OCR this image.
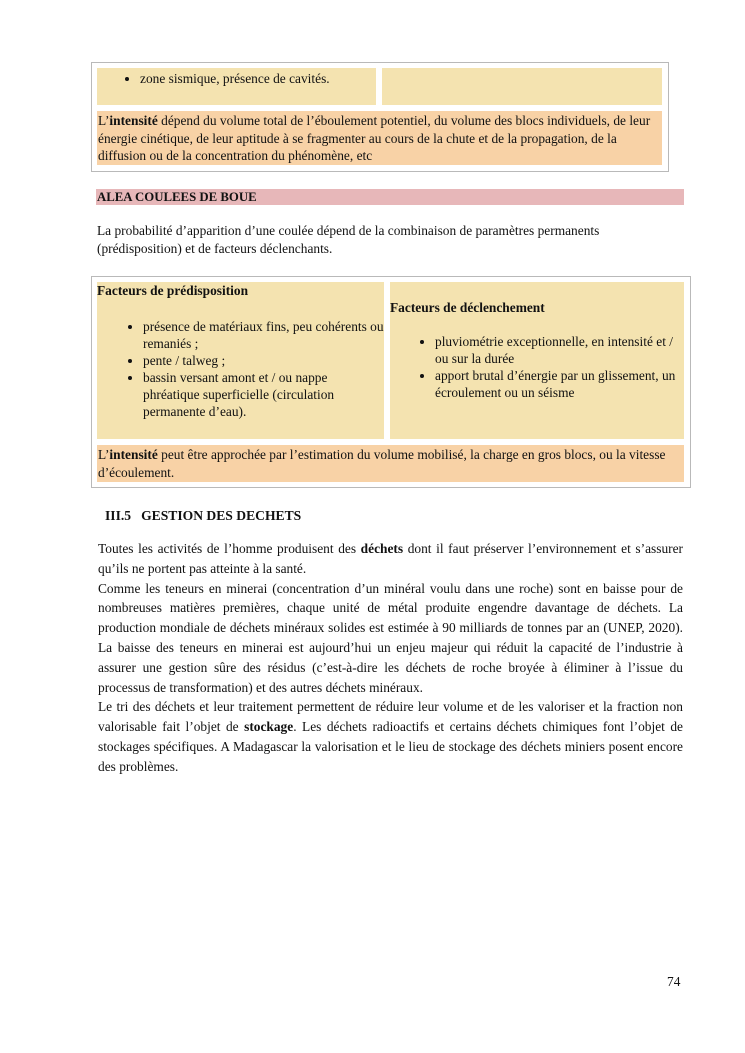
• zone sismique, présence de cavités.
L’intensité dépend du volume total de l’éboulement potentiel, du volume des blocs individuels, de leur énergie cinétique, de leur aptitude à se fragmenter au cours de la chute et de la propagation, de la diffusion ou de la concentration du phénomène, etc
ALEA COULEES DE BOUE
La probabilité d’apparition d’une coulée dépend de la combinaison de paramètres permanents (prédisposition) et de facteurs déclenchants.
Facteurs de prédisposition
• présence de matériaux fins, peu cohérents ou remaniés ;
• pente / talweg ;
• bassin versant amont et / ou nappe phréatique superficielle (circulation permanente d’eau).
Facteurs de déclenchement
• pluviométrie exceptionnelle, en intensité et / ou sur la durée
• apport brutal d’énergie par un glissement, un écroulement ou un séisme
L’intensité peut être approchée par l’estimation du volume mobilisé, la charge en gros blocs, ou la vitesse d’écoulement.
III.5 GESTION DES DECHETS
Toutes les activités de l’homme produisent des déchets dont il faut préserver l’environnement et s’assurer qu’ils ne portent pas atteinte à la santé.
Comme les teneurs en minerai (concentration d’un minéral voulu dans une roche) sont en baisse pour de nombreuses matières premières, chaque unité de métal produite engendre davantage de déchets. La production mondiale de déchets minéraux solides est estimée à 90 milliards de tonnes par an (UNEP, 2020). La baisse des teneurs en minerai est aujourd’hui un enjeu majeur qui réduit la capacité de l’industrie à assurer une gestion sûre des résidus (c’est-à-dire les déchets de roche broyée à éliminer à l’issue du processus de transformation) et des autres déchets minéraux.
Le tri des déchets et leur traitement permettent de réduire leur volume et de les valoriser et la fraction non valorisable fait l’objet de stockage. Les déchets radioactifs et certains déchets chimiques font l’objet de stockages spécifiques. A Madagascar la valorisation et le lieu de stockage des déchets miniers posent encore des problèmes.
74
